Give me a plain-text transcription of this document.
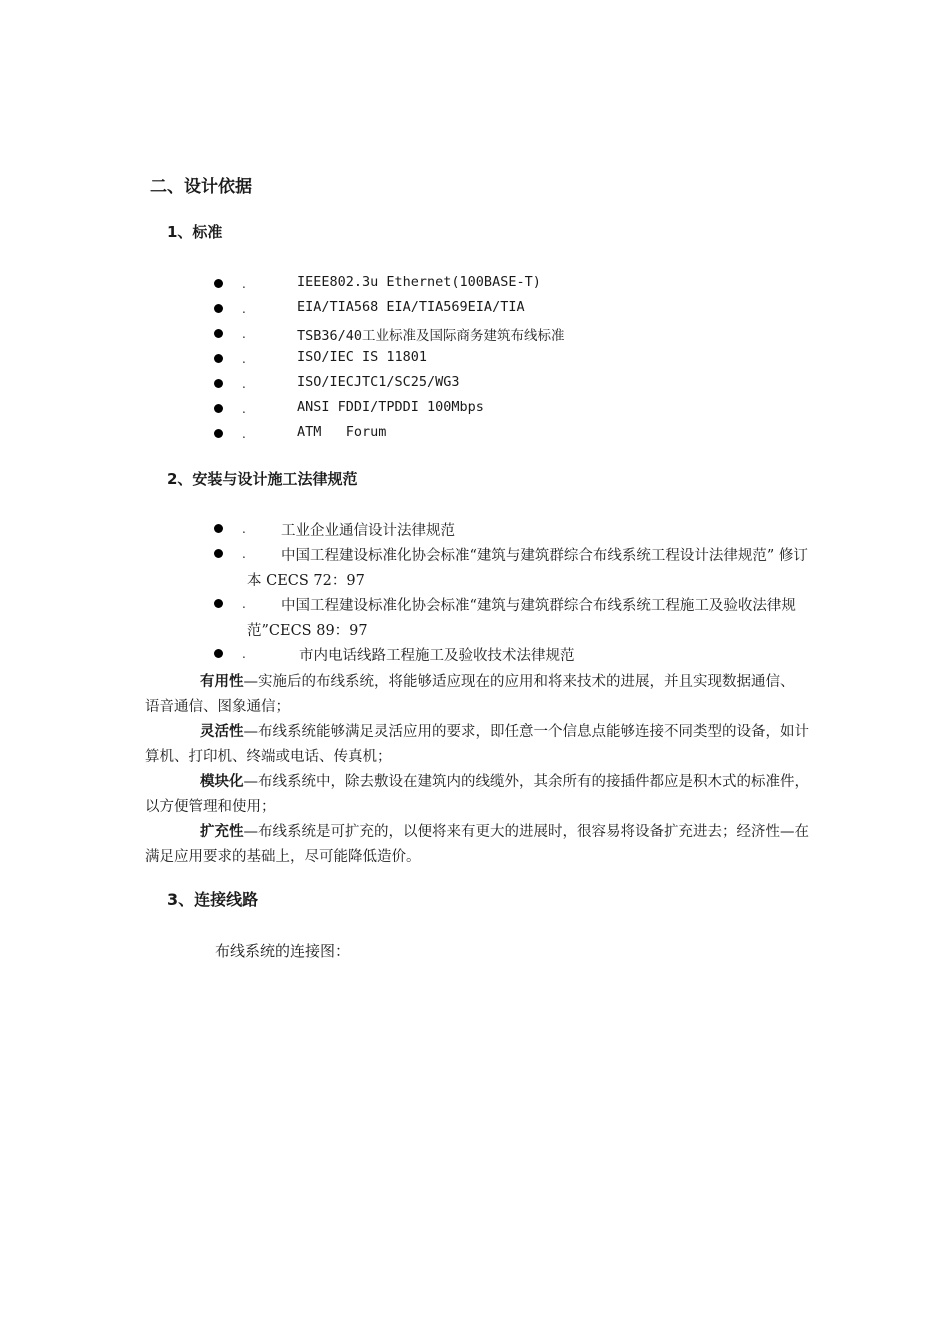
二、设计依据
1、标准
.	IEEE802.3u Ethernet(100BASE-T)
.	EIA/TIA568 EIA/TIA569EIA/TIA
.	TSB36/40工业标准及国际商务建筑布线标准
.	ISO/IEC IS 11801
.	ISO/IECJTC1/SC25/WG3
.	ANSI FDDI/TPDDI 100Mbps
.	ATM   Forum
2、安装与设计施工法律规范
.	工业企业通信设计法律规范
.	中国工程建设标准化协会标准“建筑与建筑群综合布线系统工程设计法律规范” 修订本 CECS 72：97
.	中国工程建设标准化协会标准“建筑与建筑群综合布线系统工程施工及验收法律规范”CECS 89：97
.	市内电话线路工程施工及验收技术法律规范

有用性—实施后的布线系统，将能够适应现在的应用和将来技术的进展，并且实现数据通信、 语音通信、图象通信；

灵活性—布线系统能够满足灵活应用的要求，即任意一个信息点能够连接不同类型的设备，如计算机、打印机、终端或电话、传真机；

模块化—布线系统中，除去敷设在建筑内的线缆外，其余所有的接插件都应是积木式的标准件，以方便管理和使用；

扩充性—布线系统是可扩充的，以便将来有更大的进展时，很容易将设备扩充进去；经济性—在满足应用要求的基础上，尽可能降低造价。

3、连接线路
布线系统的连接图：
